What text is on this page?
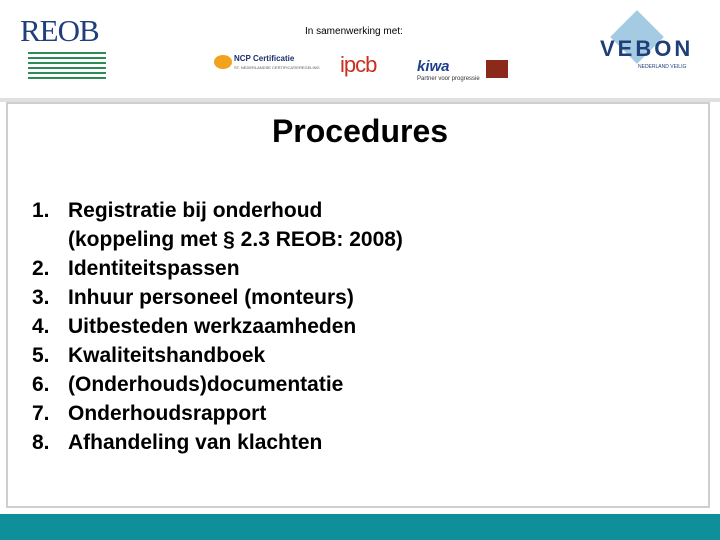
REOB	In samenwerking met:
NCP Certificatie
ST. NEDERLANDSE CERTIFICATIEREGELING ipcb	kiwa
Partner voor progressie
VEBON
NEDERLAND VEILIG
Procedures
1. Registratie bij onderhoud
(koppeling met § 2.3 REOB: 2008)
2. Identiteitspassen
3. Inhuur personeel (monteurs)
4. Uitbesteden werkzaamheden
5. Kwaliteitshandboek
6. (Onderhouds)documentatie
7. Onderhoudsrapport
8. Afhandeling van klachten
